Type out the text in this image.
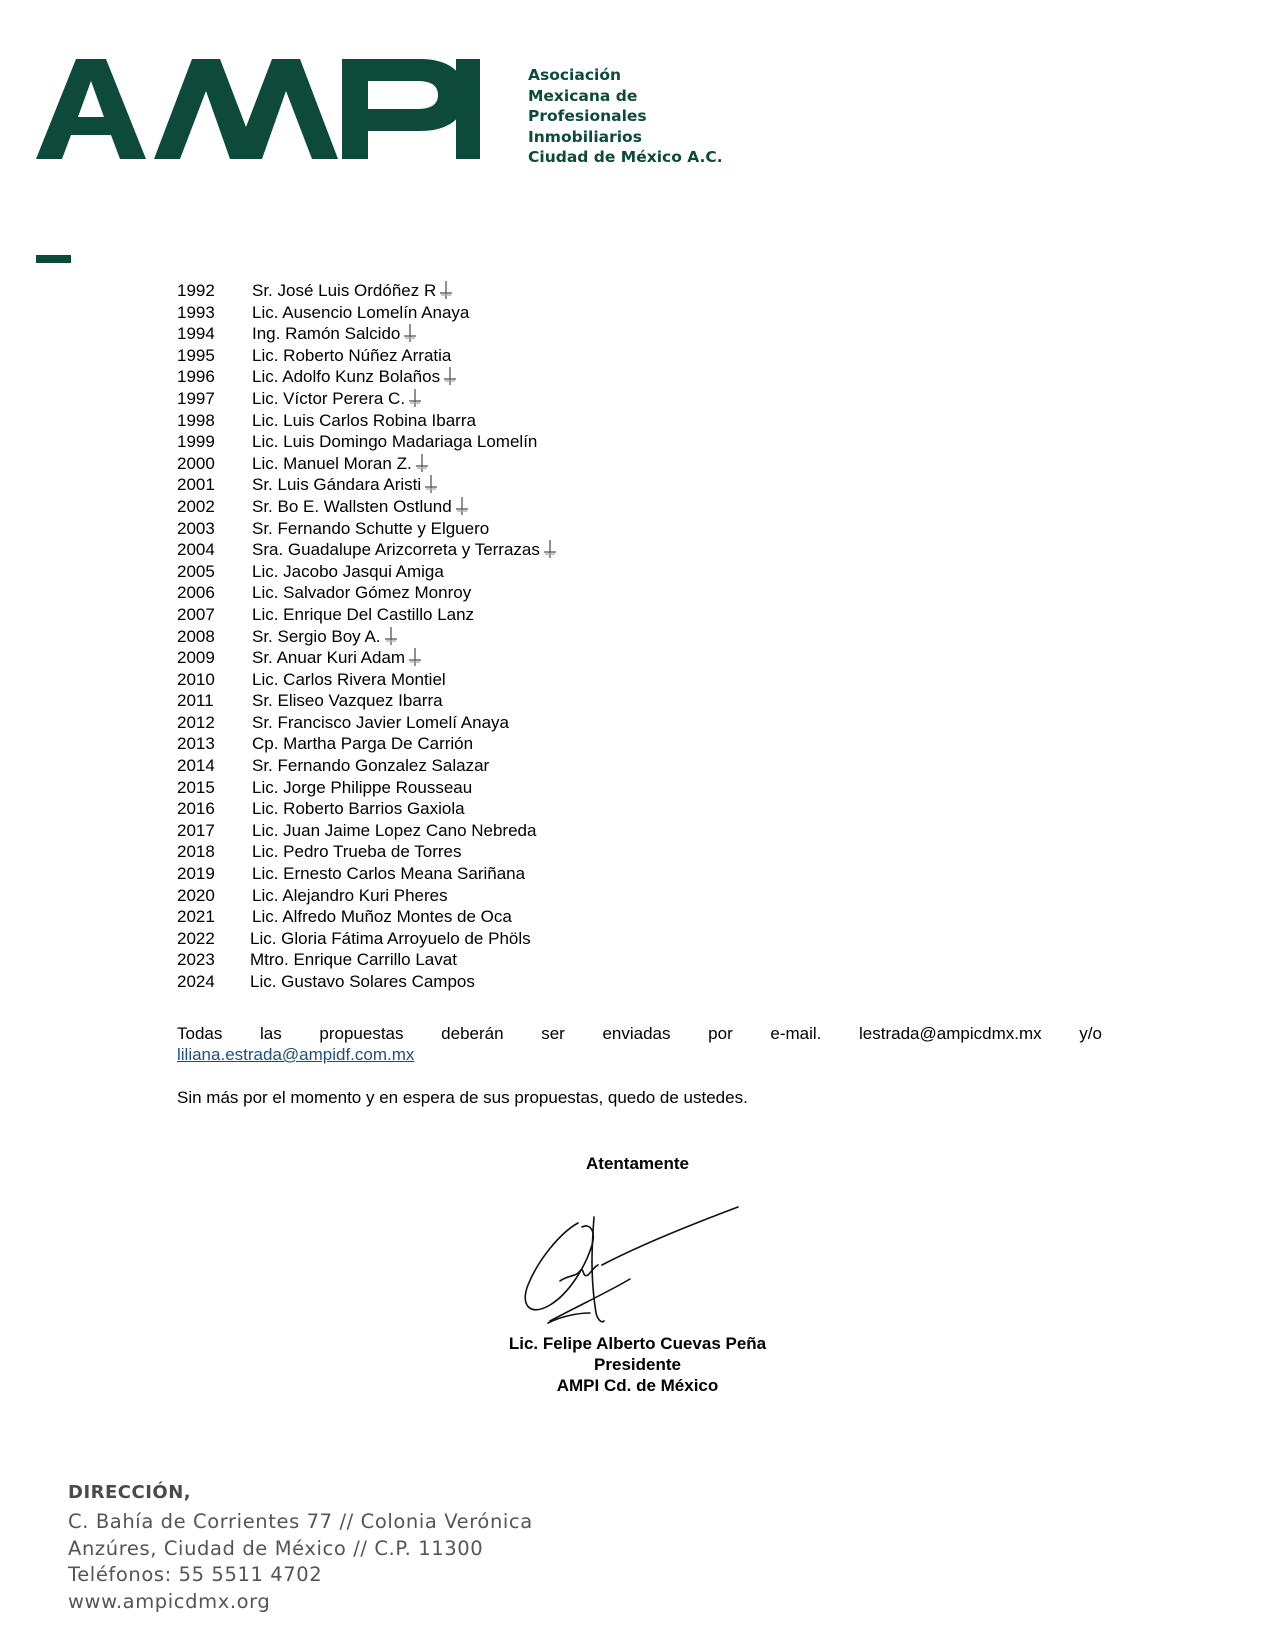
Asociación
Mexicana de
Profesionales
Inmobiliarios
Ciudad de México A.C.
1992	Sr. José Luis Ordóñez R
1993	Lic. Ausencio Lomelín Anaya
1994	Ing. Ramón Salcido
1995	Lic. Roberto Núñez Arratia
1996	Lic. Adolfo Kunz Bolaños
1997	Lic. Víctor Perera C.
1998	Lic. Luis Carlos Robina Ibarra
1999	Lic. Luis Domingo Madariaga Lomelín
2000	Lic. Manuel Moran Z.
2001	Sr. Luis Gándara Aristi
2002	Sr. Bo E. Wallsten Ostlund
2003	Sr. Fernando Schutte y Elguero
2004	Sra. Guadalupe Arizcorreta y Terrazas
2005	Lic. Jacobo Jasqui Amiga
2006	Lic. Salvador Gómez Monroy
2007	Lic. Enrique Del Castillo Lanz
2008	Sr. Sergio Boy A.
2009	Sr. Anuar Kuri Adam
2010	Lic. Carlos Rivera Montiel
2011	Sr. Eliseo Vazquez Ibarra
2012	Sr. Francisco Javier Lomelí Anaya
2013	Cp. Martha Parga De Carrión
2014	Sr. Fernando Gonzalez Salazar
2015	Lic. Jorge Philippe Rousseau
2016	Lic. Roberto Barrios Gaxiola
2017	Lic. Juan Jaime Lopez Cano Nebreda
2018	Lic. Pedro Trueba de Torres
2019	Lic. Ernesto Carlos Meana Sariñana
2020	Lic. Alejandro Kuri Pheres
2021	Lic. Alfredo Muñoz Montes de Oca
2022	Lic. Gloria Fátima Arroyuelo de Phöls
2023	Mtro. Enrique Carrillo Lavat
2024	Lic. Gustavo Solares Campos
Todas las propuestas deberán ser enviadas por e-mail. lestrada@ampicdmx.mx y/o
liliana.estrada@ampidf.com.mx
Sin más por el momento y en espera de sus propuestas, quedo de ustedes.
Atentamente
Lic. Felipe Alberto Cuevas Peña
Presidente
AMPI Cd. de México
DIRECCIÓN,
C. Bahía de Corrientes 77 // Colonia Verónica
Anzúres, Ciudad de México // C.P. 11300
Teléfonos: 55 5511 4702
www.ampicdmx.org
